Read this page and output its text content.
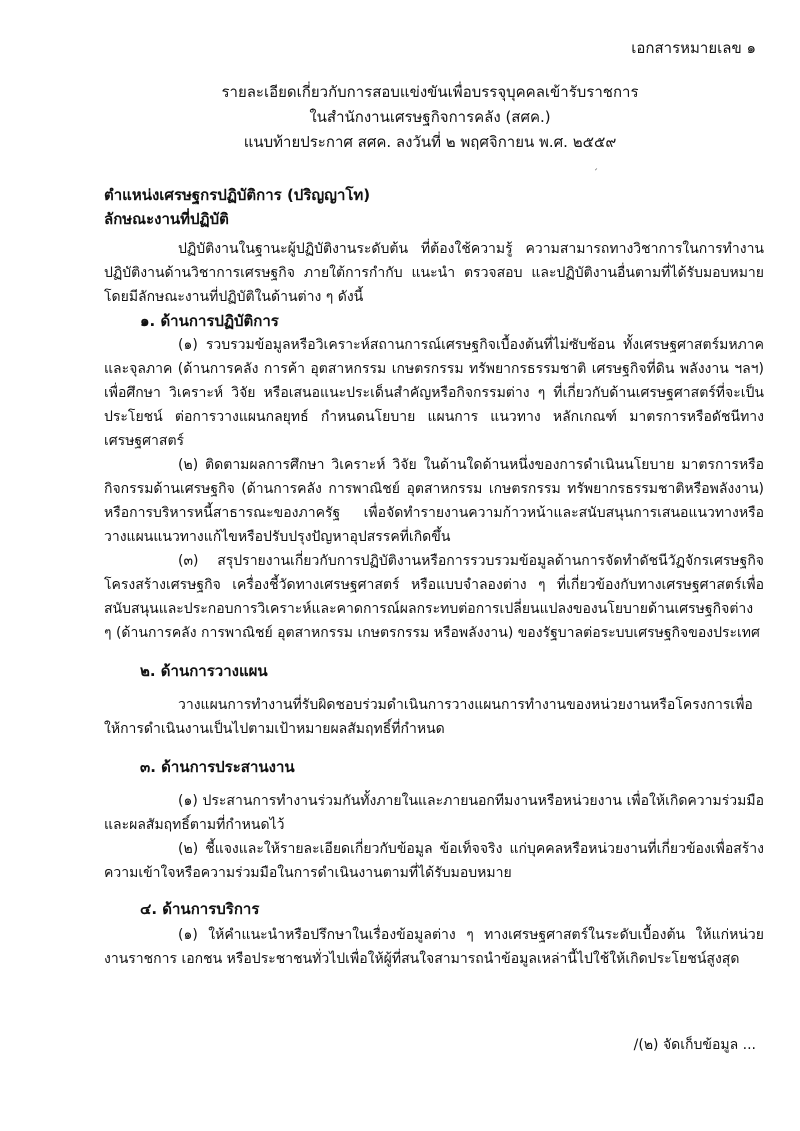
เอกสารหมายเลข ๑
รายละเอียดเกี่ยวกับการสอบแข่งขันเพื่อบรรจุบุคคลเข้ารับราชการ
ในสำนักงานเศรษฐกิจการคลัง (สศค.)
แนบท้ายประกาศ สศค. ลงวันที่ ๒ พฤศจิกายน พ.ศ. ๒๕๕๙
׳
ตำแหน่งเศรษฐกรปฏิบัติการ (ปริญญาโท)
ลักษณะงานที่ปฏิบัติ

ปฏิบัติงานในฐานะผู้ปฏิบัติงานระดับต้น ที่ต้องใช้ความรู้ ความสามารถทางวิชาการในการทำงานปฏิบัติงานด้านวิชาการเศรษฐกิจ ภายใต้การกำกับ แนะนำ ตรวจสอบ และปฏิบัติงานอื่นตามที่ได้รับมอบหมาย โดยมีลักษณะงานที่ปฏิบัติในด้านต่าง ๆ ดังนี้

๑. ด้านการปฏิบัติการ

(๑) รวบรวมข้อมูลหรือวิเคราะห์สถานการณ์เศรษฐกิจเบื้องต้นที่ไม่ซับซ้อน ทั้งเศรษฐศาสตร์มหภาคและจุลภาค (ด้านการคลัง การค้า อุตสาหกรรม เกษตรกรรม ทรัพยากรธรรมชาติ เศรษฐกิจที่ดิน พลังงาน ฯลฯ) เพื่อศึกษา วิเคราะห์ วิจัย หรือเสนอแนะประเด็นสำคัญหรือกิจกรรมต่าง ๆ ที่เกี่ยวกับด้านเศรษฐศาสตร์ที่จะเป็นประโยชน์ ต่อการวางแผนกลยุทธ์ กำหนดนโยบาย แผนการ แนวทาง หลักเกณฑ์ มาตรการหรือดัชนีทางเศรษฐศาสตร์

(๒) ติดตามผลการศึกษา วิเคราะห์ วิจัย ในด้านใดด้านหนึ่งของการดำเนินนโยบาย มาตรการหรือกิจกรรมด้านเศรษฐกิจ (ด้านการคลัง การพาณิชย์ อุตสาหกรรม เกษตรกรรม ทรัพยากรธรรมชาติหรือพลังงาน) หรือการบริหารหนี้สาธารณะของภาครัฐ เพื่อจัดทำรายงานความก้าวหน้าและสนับสนุนการเสนอแนวทางหรือวางแผนแนวทางแก้ไขหรือปรับปรุงปัญหาอุปสรรคที่เกิดขึ้น

(๓) สรุปรายงานเกี่ยวกับการปฏิบัติงานหรือการรวบรวมข้อมูลด้านการจัดทำดัชนีวัฏจักรเศรษฐกิจ โครงสร้างเศรษฐกิจ เครื่องชี้วัดทางเศรษฐศาสตร์ หรือแบบจำลองต่าง ๆ ที่เกี่ยวข้องกับทางเศรษฐศาสตร์เพื่อสนับสนุนและประกอบการวิเคราะห์และคาดการณ์ผลกระทบต่อการเปลี่ยนแปลงของนโยบายด้านเศรษฐกิจต่าง ๆ (ด้านการคลัง การพาณิชย์ อุตสาหกรรม เกษตรกรรม หรือพลังงาน) ของรัฐบาลต่อระบบเศรษฐกิจของประเทศ

๒. ด้านการวางแผน

วางแผนการทำงานที่รับผิดชอบร่วมดำเนินการวางแผนการทำงานของหน่วยงานหรือโครงการเพื่อให้การดำเนินงานเป็นไปตามเป้าหมายผลสัมฤทธิ์ที่กำหนด

๓. ด้านการประสานงาน

(๑) ประสานการทำงานร่วมกันทั้งภายในและภายนอกทีมงานหรือหน่วยงาน เพื่อให้เกิดความร่วมมือและผลสัมฤทธิ์ตามที่กำหนดไว้

(๒) ชี้แจงและให้รายละเอียดเกี่ยวกับข้อมูล ข้อเท็จจริง แก่บุคคลหรือหน่วยงานที่เกี่ยวข้องเพื่อสร้างความเข้าใจหรือความร่วมมือในการดำเนินงานตามที่ได้รับมอบหมาย

๔. ด้านการบริการ

(๑) ให้คำแนะนำหรือปรึกษาในเรื่องข้อมูลต่าง ๆ ทางเศรษฐศาสตร์ในระดับเบื้องต้น ให้แก่หน่วยงานราชการ เอกชน หรือประชาชนทั่วไปเพื่อให้ผู้ที่สนใจสามารถนำข้อมูลเหล่านี้ไปใช้ให้เกิดประโยชน์สูงสุด

/(๒) จัดเก็บข้อมูล ...
